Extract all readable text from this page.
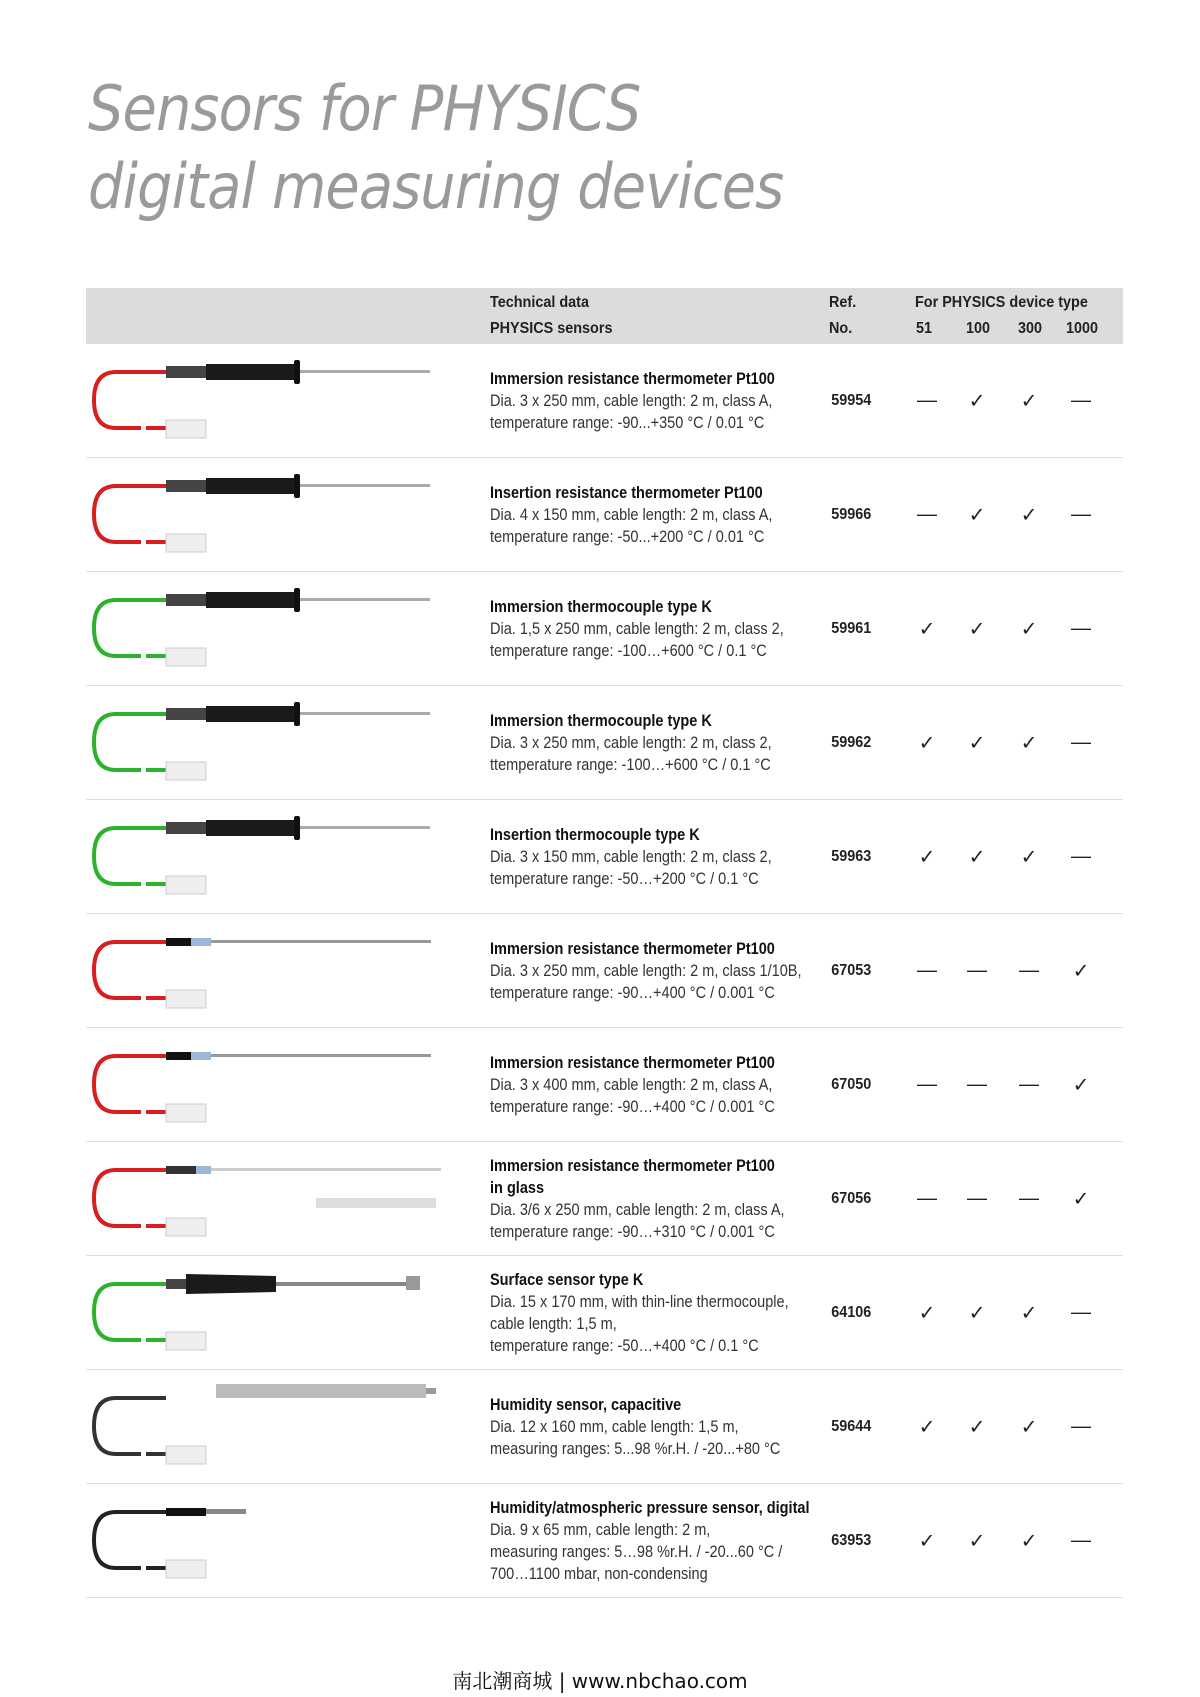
Sensors for PHYSICS
digital measuring devices
Technical data
PHYSICS sensors
Ref.
No.
For PHYSICS device type
51 100 300 1000
Immersion resistance thermometer Pt100
Dia. 3 x 250 mm, cable length: 2 m, class A,
temperature range: -90...+350 °C / 0.01 °C
59954 —	✓	✓	—
Insertion resistance thermometer Pt100
Dia. 4 x 150 mm, cable length: 2 m, class A,
temperature range: -50...+200 °C / 0.01 °C
59966 —	✓	✓	—
Immersion thermocouple type K
Dia. 1,5 x 250 mm, cable length: 2 m, class 2,
temperature range: -100…+600 °C / 0.1 °C
59961	✓	✓	✓	—
Immersion thermocouple type K
Dia. 3 x 250 mm, cable length: 2 m, class 2,
ttemperature range: -100…+600 °C / 0.1 °C
59962	✓	✓	✓	—
Insertion thermocouple type K
Dia. 3 x 150 mm, cable length: 2 m, class 2,
temperature range: -50…+200 °C / 0.1 °C
59963	✓	✓	✓	—
Immersion resistance thermometer Pt100
Dia. 3 x 250 mm, cable length: 2 m, class 1/10B,
temperature range: -90…+400 °C / 0.001 °C
67053 — — —	✓
Immersion resistance thermometer Pt100
Dia. 3 x 400 mm, cable length: 2 m, class A,
temperature range: -90…+400 °C / 0.001 °C
67050 — — —	✓
Immersion resistance thermometer Pt100
in glass
Dia. 3/6 x 250 mm, cable length: 2 m, class A,
temperature range: -90…+310 °C / 0.001 °C
67056 — — —	✓
Surface sensor type K
Dia. 15 x 170 mm, with thin-line thermocouple,
cable length: 1,5 m,
temperature range: -50…+400 °C / 0.1 °C
64106	✓	✓	✓	—
Humidity sensor, capacitive
Dia. 12 x 160 mm, cable length: 1,5 m,
measuring ranges: 5...98 %r.H. / -20...+80 °C
59644	✓	✓	✓	—
Humidity/atmospheric pressure sensor, digital
Dia. 9 x 65 mm, cable length: 2 m,
measuring ranges: 5…98 %r.H. / -20...60 °C /
700…1100 mbar, non-condensing
63953	✓	✓	✓	—
南北潮商城 | www.nbchao.com
